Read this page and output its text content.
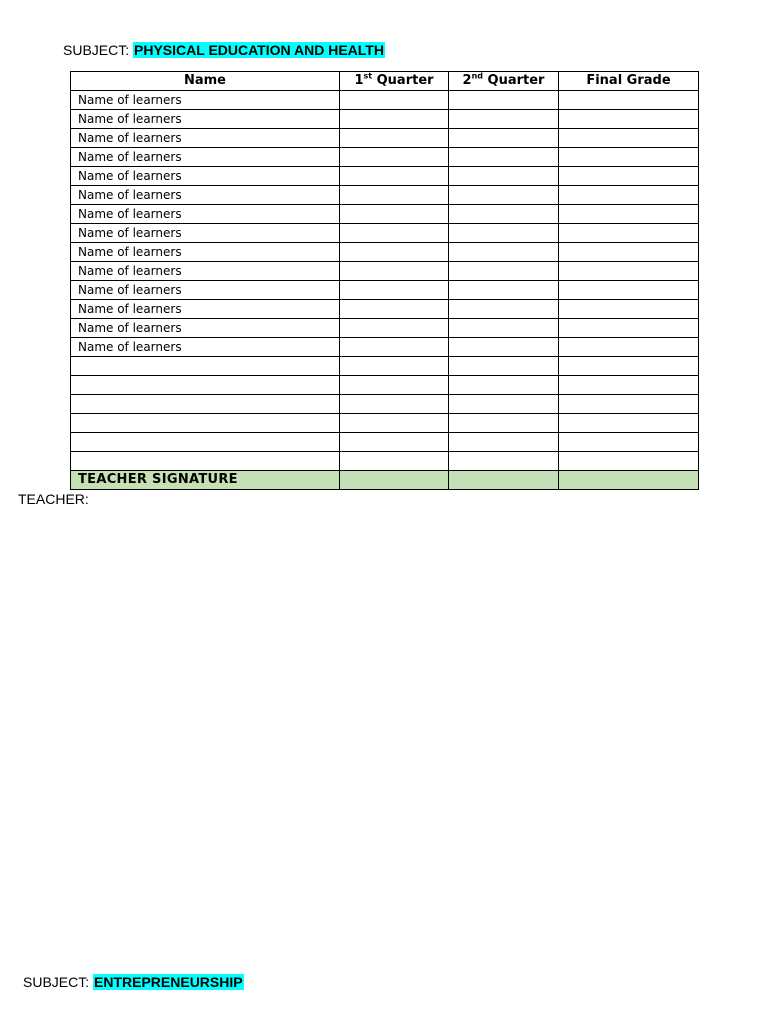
SUBJECT: PHYSICAL EDUCATION AND HEALTH
Name	1st Quarter	2nd Quarter	Final Grade
Name of learners			
Name of learners			
Name of learners			
Name of learners			
Name of learners			
Name of learners			
Name of learners			
Name of learners			
Name of learners			
Name of learners			
Name of learners			
Name of learners			
Name of learners			
Name of learners			

TEACHER SIGNATURE			
TEACHER:
SUBJECT: ENTREPRENEURSHIP
